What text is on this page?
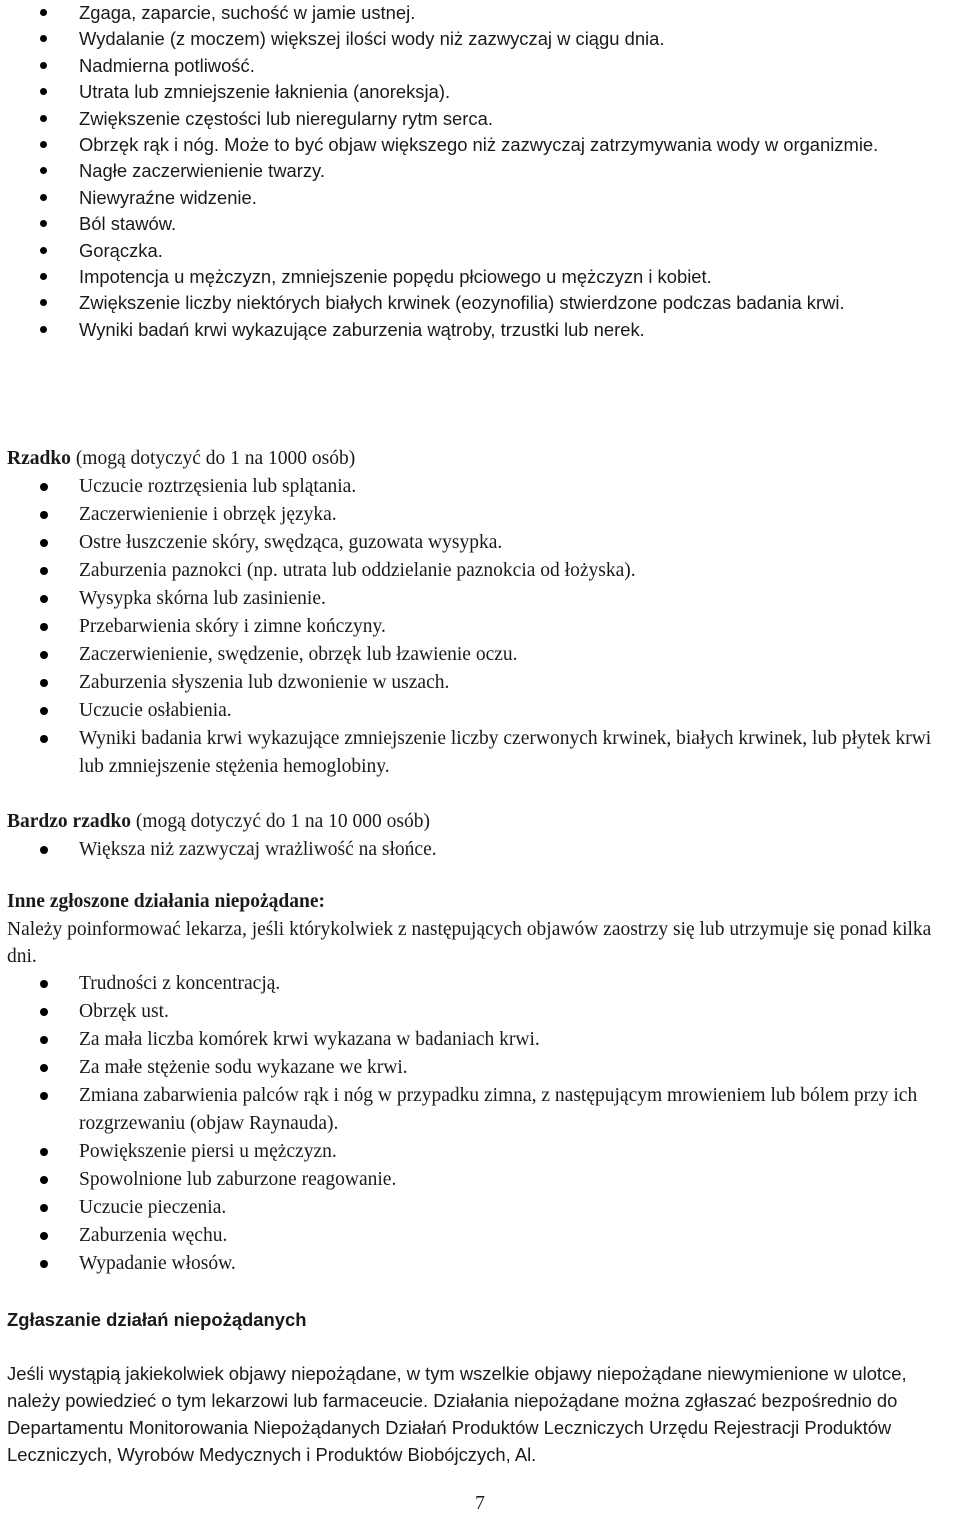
Zgaga, zaparcie, suchość w jamie ustnej.
Wydalanie (z moczem) większej ilości wody niż zazwyczaj w ciągu dnia.
Nadmierna potliwość.
Utrata lub zmniejszenie łaknienia (anoreksja).
Zwiększenie częstości lub nieregularny rytm serca.
Obrzęk rąk i nóg. Może to być objaw większego niż zazwyczaj zatrzymywania wody w organizmie.
Nagłe zaczerwienienie twarzy.
Niewyraźne widzenie.
Ból stawów.
Gorączka.
Impotencja u mężczyzn, zmniejszenie popędu płciowego u mężczyzn i kobiet.
Zwiększenie liczby niektórych białych krwinek (eozynofilia) stwierdzone podczas badania krwi.
Wyniki badań krwi wykazujące zaburzenia wątroby, trzustki lub nerek.
Rzadko (mogą dotyczyć do 1 na 1000 osób)
Uczucie roztrzęsienia lub splątania.
Zaczerwienienie i obrzęk języka.
Ostre łuszczenie skóry, swędząca, guzowata wysypka.
Zaburzenia paznokci (np. utrata lub oddzielanie paznokcia od łożyska).
Wysypka skórna lub zasinienie.
Przebarwienia skóry i zimne kończyny.
Zaczerwienienie, swędzenie, obrzęk lub łzawienie oczu.
Zaburzenia słyszenia lub dzwonienie w uszach.
Uczucie osłabienia.
Wyniki badania krwi wykazujące zmniejszenie liczby czerwonych krwinek, białych krwinek, lub płytek krwi lub zmniejszenie stężenia hemoglobiny.
Bardzo rzadko (mogą dotyczyć do 1 na 10 000 osób)
Większa niż zazwyczaj wrażliwość na słońce.
Inne zgłoszone działania niepożądane:
Należy poinformować lekarza, jeśli którykolwiek z następujących objawów zaostrzy się lub utrzymuje się ponad kilka dni.
Trudności z koncentracją.
Obrzęk ust.
Za mała liczba komórek krwi wykazana w badaniach krwi.
Za małe stężenie sodu wykazane we krwi.
Zmiana zabarwienia palców rąk i nóg w przypadku zimna, z następującym mrowieniem lub bólem przy ich rozgrzewaniu (objaw Raynauda).
Powiększenie piersi u mężczyzn.
Spowolnione lub zaburzone reagowanie.
Uczucie pieczenia.
Zaburzenia węchu.
Wypadanie włosów.
Zgłaszanie działań niepożądanych
Jeśli wystąpią jakiekolwiek objawy niepożądane, w tym wszelkie objawy niepożądane niewymienione w ulotce, należy powiedzieć o tym lekarzowi lub farmaceucie. Działania niepożądane można zgłaszać bezpośrednio do Departamentu Monitorowania Niepożądanych Działań Produktów Leczniczych Urzędu Rejestracji Produktów Leczniczych, Wyrobów Medycznych i Produktów Biobójczych, Al.
7
